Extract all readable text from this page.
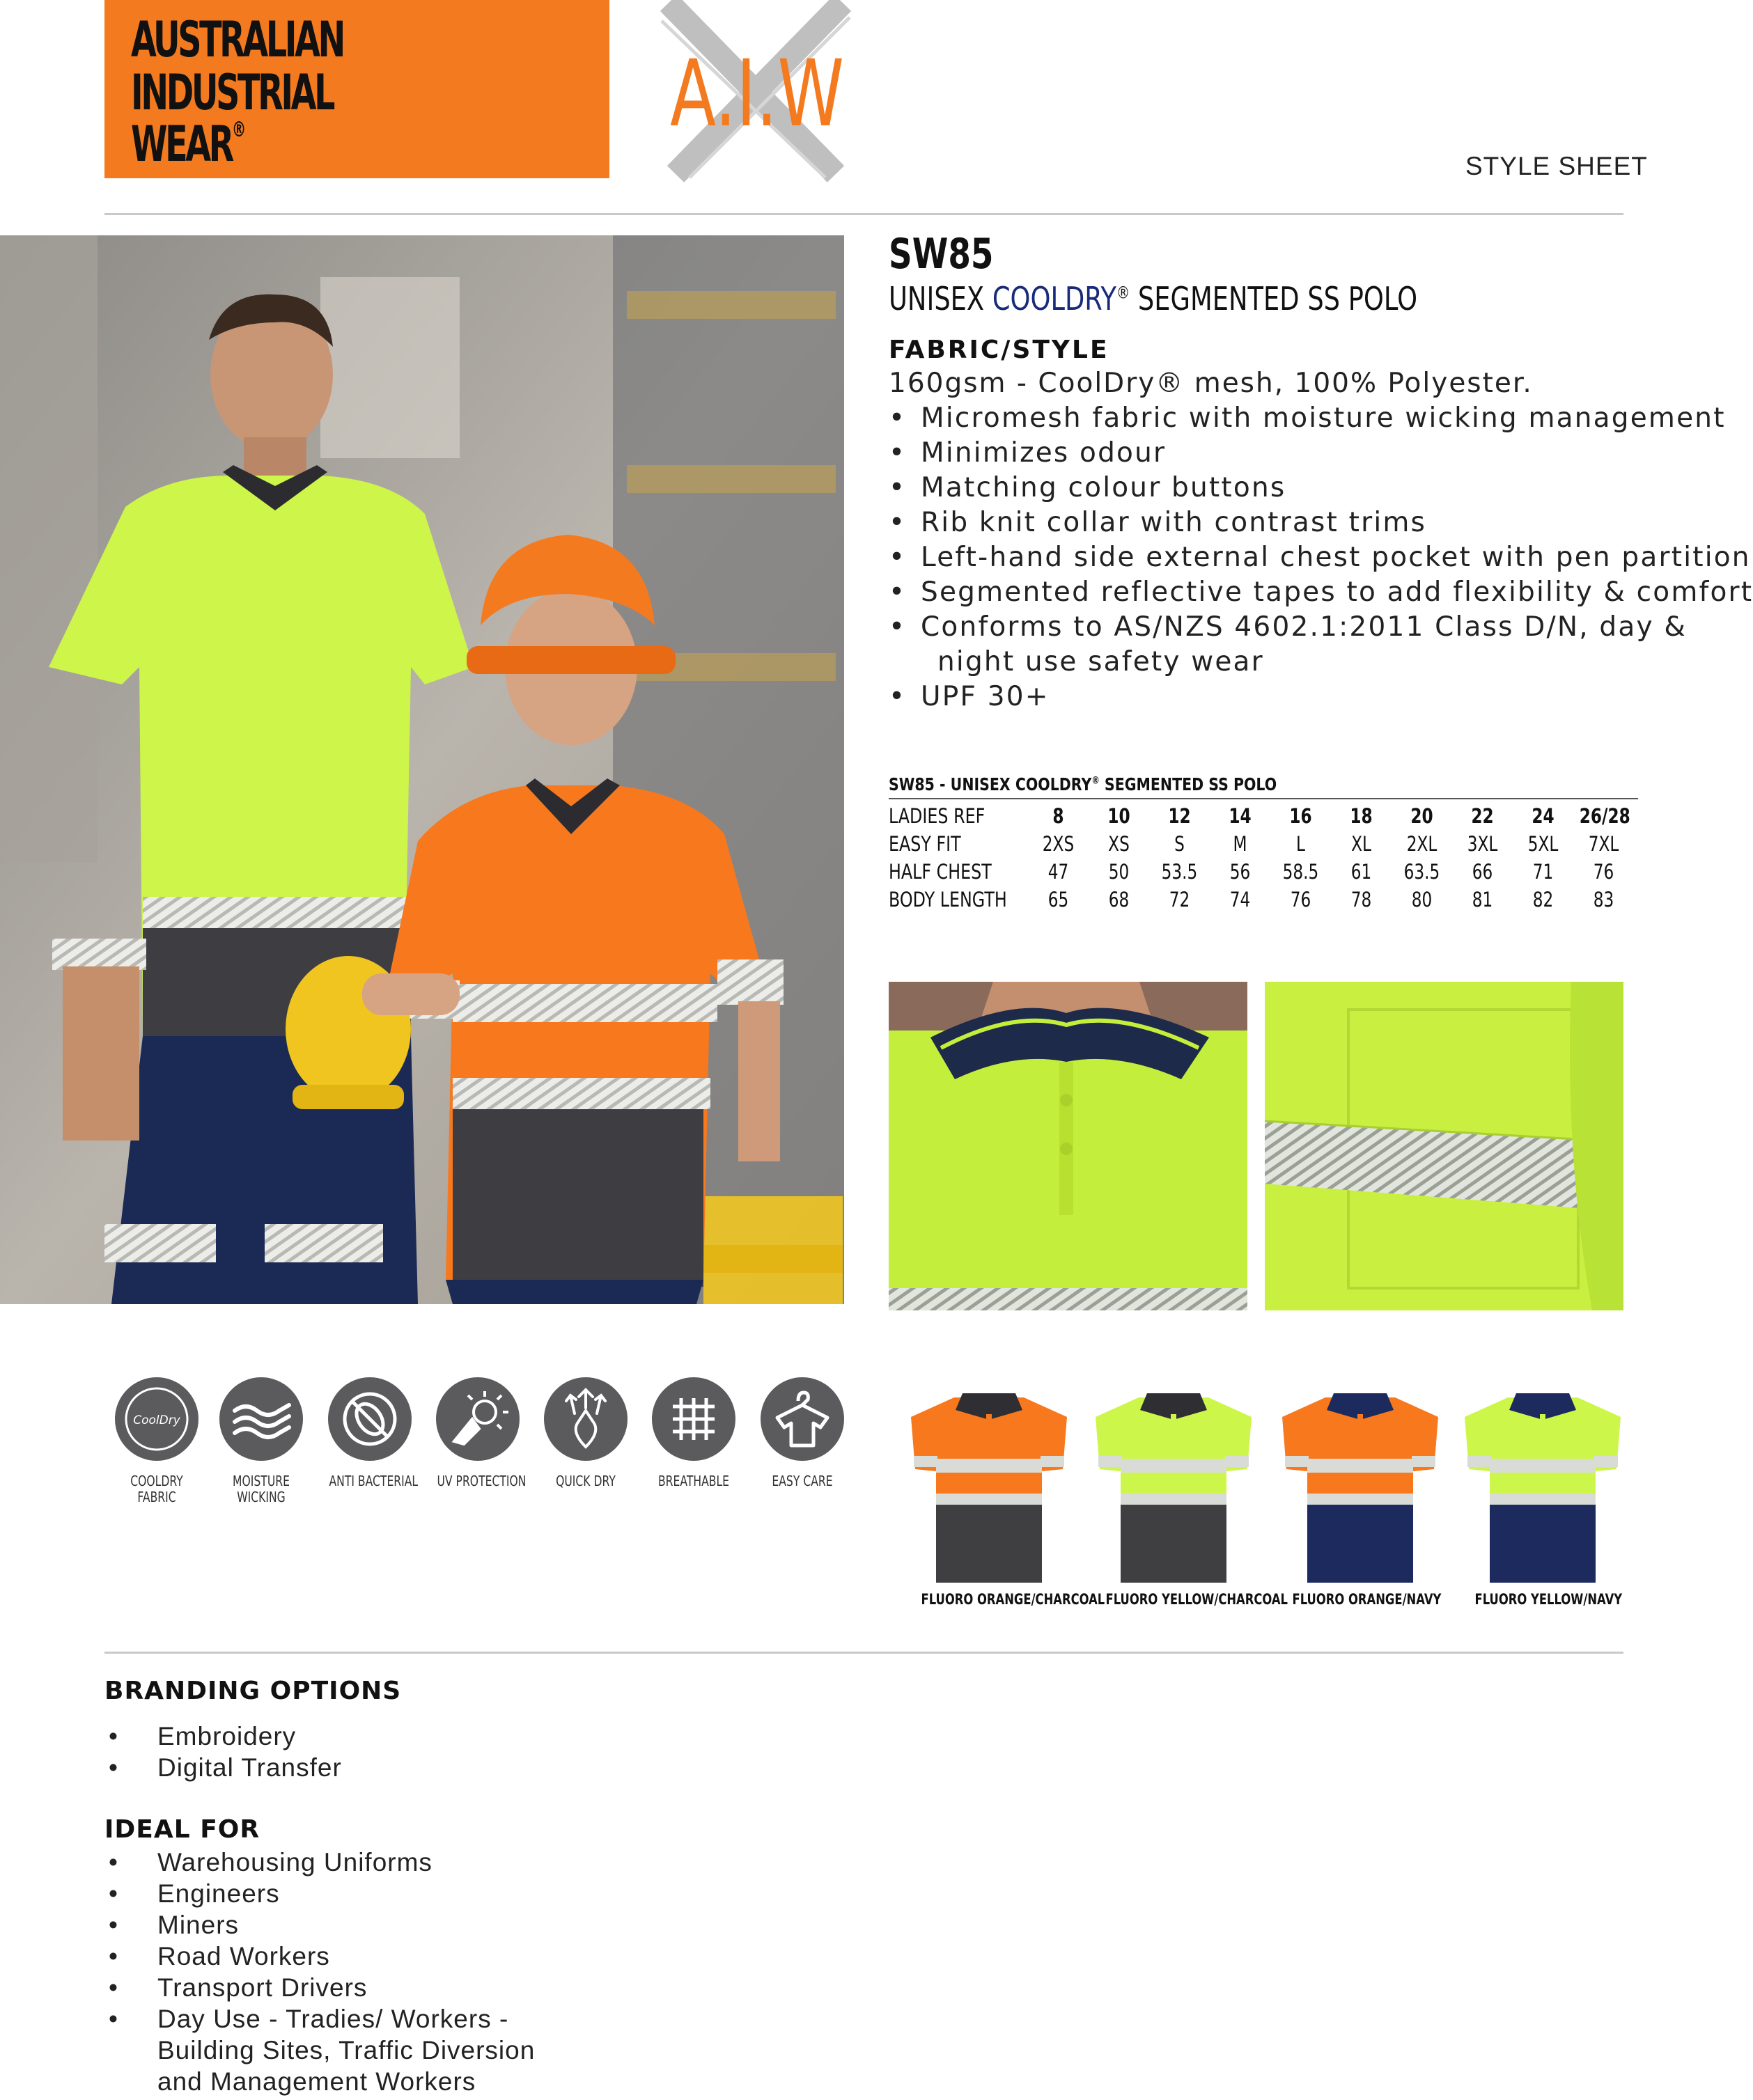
AUSTRALIAN
INDUSTRIAL
WEAR®	A.I.W
STYLE SHEET
SW85
UNISEX COOLDRY® SEGMENTED SS POLO
FABRIC/STYLE
160gsm - CoolDry® mesh, 100% Polyester.
• Micromesh fabric with moisture wicking management
• Minimizes odour
• Matching colour buttons
• Rib knit collar with contrast trims
• Left-hand side external chest pocket with pen partition
• Segmented reflective tapes to add flexibility & comfort
• Conforms to AS/NZS 4602.1:2011 Class D/N, day &
night use safety wear
• UPF 30+
SW85 - UNISEX COOLDRY® SEGMENTED SS POLO
LADIES REF	8	10	12	14	16	18	20	22	24	26/28
EASY FIT	2XS	XS	S	M	L	XL	2XL	3XL	5XL	7XL
HALF CHEST	47	50	53.5	56	58.5	61	63.5	66	71	76
BODY LENGTH	65	68	72	74	76	78	80	81	82	83
CoolDry
COOLDRY
FABRIC
MOISTURE
WICKING
ANTI BACTERIAL UV PROTECTION	QUICK DRY	BREATHABLE	EASY CARE
FLUORO ORANGE/CHARCOAL FLUORO YELLOW/CHARCOAL FLUORO ORANGE/NAVY FLUORO YELLOW/NAVY
BRANDING OPTIONS
• Embroidery
• Digital Transfer
IDEAL FOR
• Warehousing Uniforms
• Engineers
• Miners
• Road Workers
• Transport Drivers
• Day Use - Tradies/ Workers -
Building Sites, Traffic Diversion
and Management Workers
